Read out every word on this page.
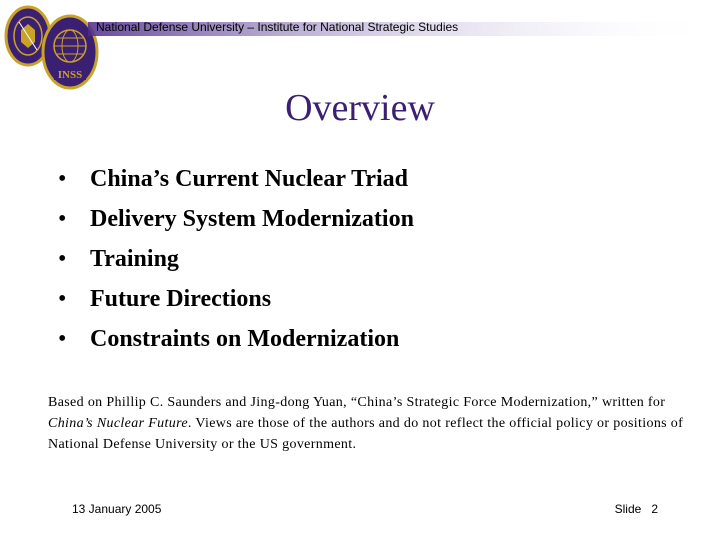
INSS
National Defense University – Institute for National Strategic Studies
Overview
• China’s Current Nuclear Triad
• Delivery System Modernization
• Training
• Future Directions
• Constraints on Modernization
Based on Phillip C. Saunders and Jing-dong Yuan, “China’s Strategic Force Modernization,” written for China’s Nuclear Future. Views are those of the authors and do not reflect the official policy or positions of National Defense University or the US government.
13 January 2005	Slide 2
